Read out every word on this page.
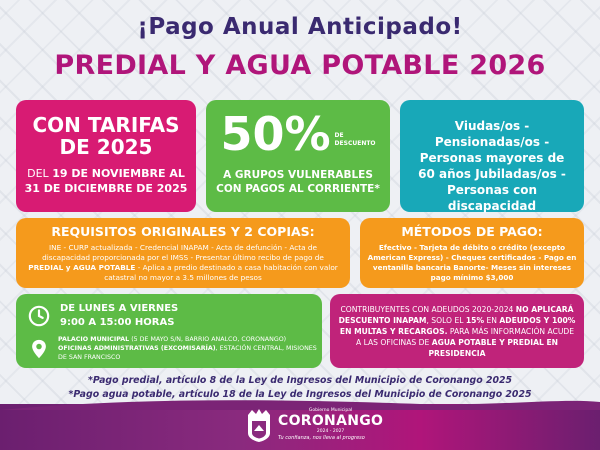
¡Pago Anual Anticipado!
PREDIAL Y AGUA POTABLE 2026
CON TARIFAS
DE 2025
DEL 19 DE NOVIEMBRE AL
31 DE DICIEMBRE DE 2025
50% DE
DESCUENTO
A GRUPOS VULNERABLES CON PAGOS AL CORRIENTE*
Viudas/os - Pensionadas/os - Personas mayores de 60 años Jubiladas/os - Personas con discapacidad
REQUISITOS ORIGINALES Y 2 COPIAS:
INE - CURP actualizada - Credencial INAPAM - Acta de defunción - Acta de discapacidad proporcionada por el IMSS - Presentar último recibo de pago de PREDIAL y AGUA POTABLE - Aplica a predio destinado a casa habitación con valor catastral no mayor a 3.5 millones de pesos
MÉTODOS DE PAGO:
Efectivo - Tarjeta de débito o crédito (excepto American Express) - Cheques certificados - Pago en ventanilla bancaria Banorte- Meses sin intereses pago mínimo $3,000
DE LUNES A VIERNES
9:00 A 15:00 HORAS
PALACIO MUNICIPAL (5 DE MAYO S/N, BARRIO ANALCO, CORONANGO)
OFICINAS ADMINISTRATIVAS (EXCOMISARÍA), ESTACIÓN CENTRAL, MISIONES DE SAN FRANCISCO
CONTRIBUYENTES CON ADEUDOS 2020-2024 NO APLICARÁ DESCUENTO INAPAM, SOLO EL 15% EN ADEUDOS Y 100% EN MULTAS Y RECARGOS. PARA MÁS INFORMACIÓN ACUDE A LAS OFICINAS DE AGUA POTABLE Y PREDIAL EN PRESIDENCIA
*Pago predial, artículo 8 de la Ley de Ingresos del Municipio de Coronango 2025
*Pago agua potable, artículo 18 de la Ley de Ingresos del Municipio de Coronango 2025
Gobierno Municipal
CORONANGO
2024 - 2027
Tu confianza, nos lleva al progreso
